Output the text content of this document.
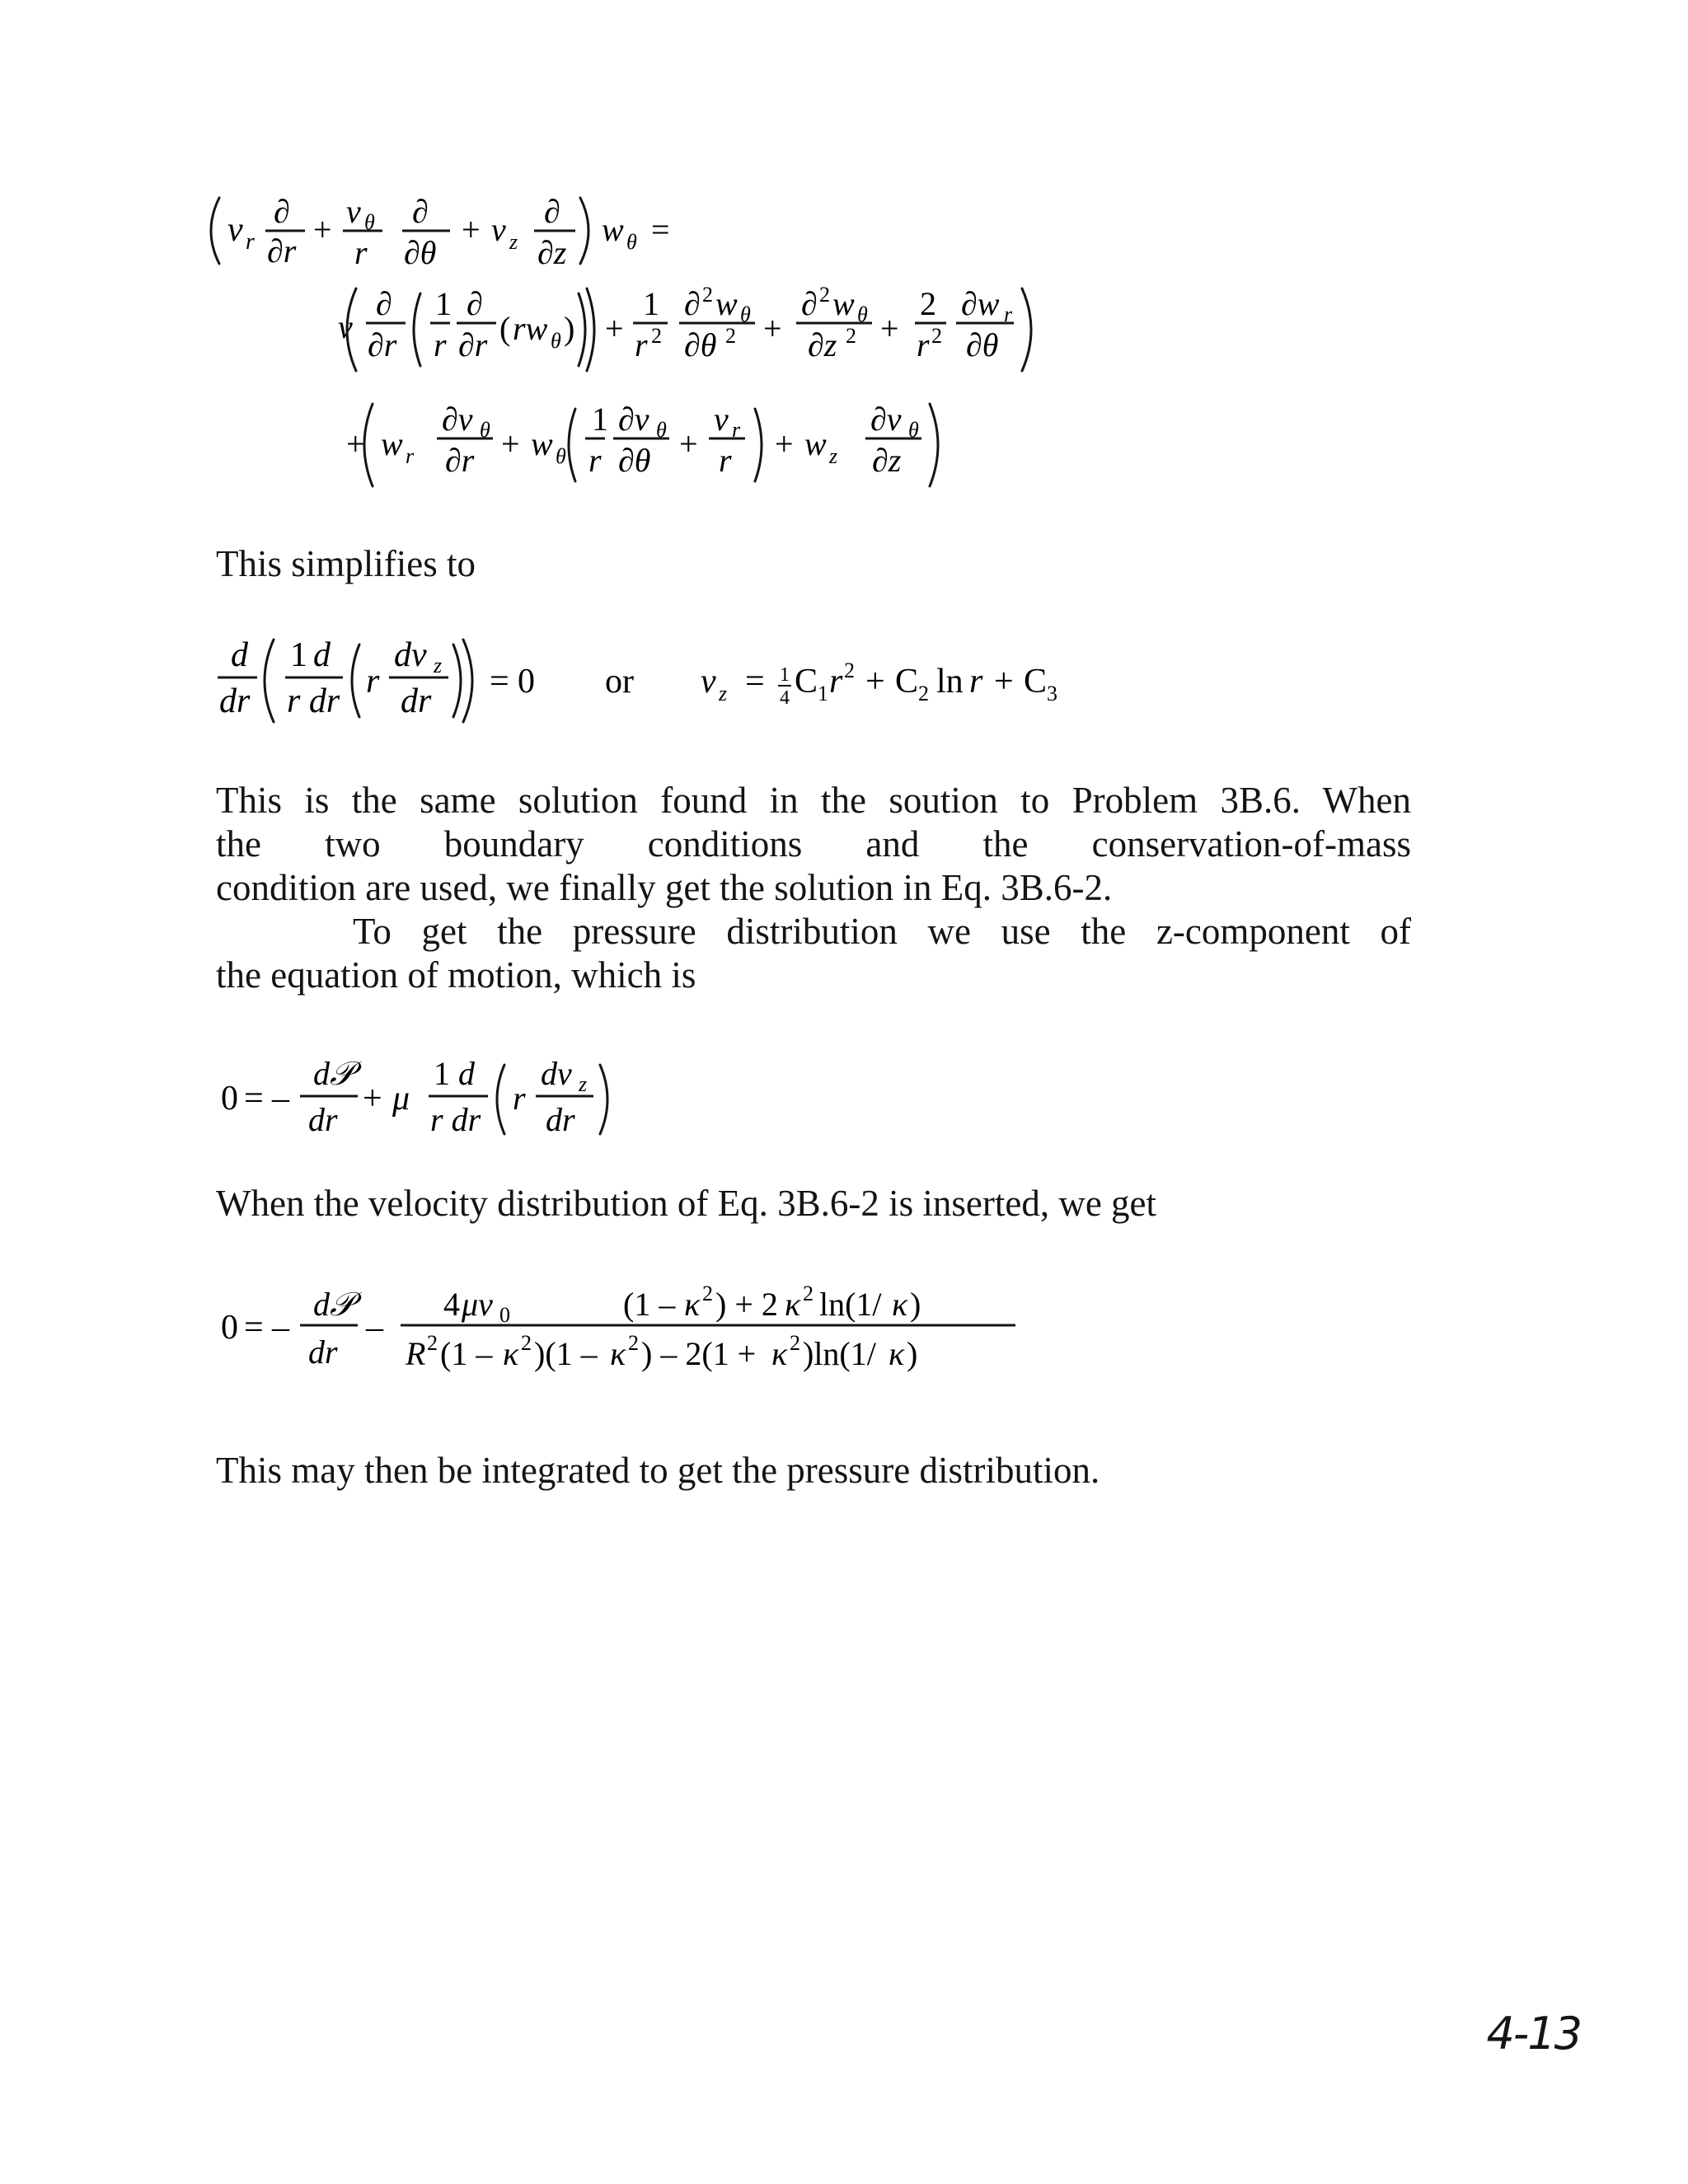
v r
∂
∂r
+ v θ
r
∂
∂θ
+ v z
∂
∂z
w θ =
ν
∂
∂r
1
r
∂
∂r ( rw θ ) +
1
r 2
∂ 2 w θ
∂θ 2 +
∂ 2 w θ
∂z 2 +
2
r 2
∂w r
∂θ
+ w r
∂v θ
∂r + w θ
1
r
∂v θ
∂θ +
v r
r + w z
∂v θ
∂z
This simplifies to
d
dr
1 d
r dr
r
dv z
dr
= 0 or v z = 1
4 C 1 r 2 + C 2 ln r + C 3
This is the same solution found in the soution to Problem 3B.6. When
the two boundary conditions and the conservation-of-mass
condition are used, we finally get the solution in Eq. 3B.6-2.
To get the pressure distribution we use the z-component of
the equation of motion, which is
0 = –
d𝒫
dr
+ μ
1 d
r dr
r
dv z
dr
When the velocity distribution of Eq. 3B.6-2 is inserted, we get
0 = –
d𝒫
dr
–
4 μv 0	(1 – κ 2 ) + 2 κ 2 ln(1/ κ )
R 2 (1 – κ 2 )(1 – κ 2 ) – 2(1 + κ 2 )ln(1/ κ )
This may then be integrated to get the pressure distribution.
4-13
